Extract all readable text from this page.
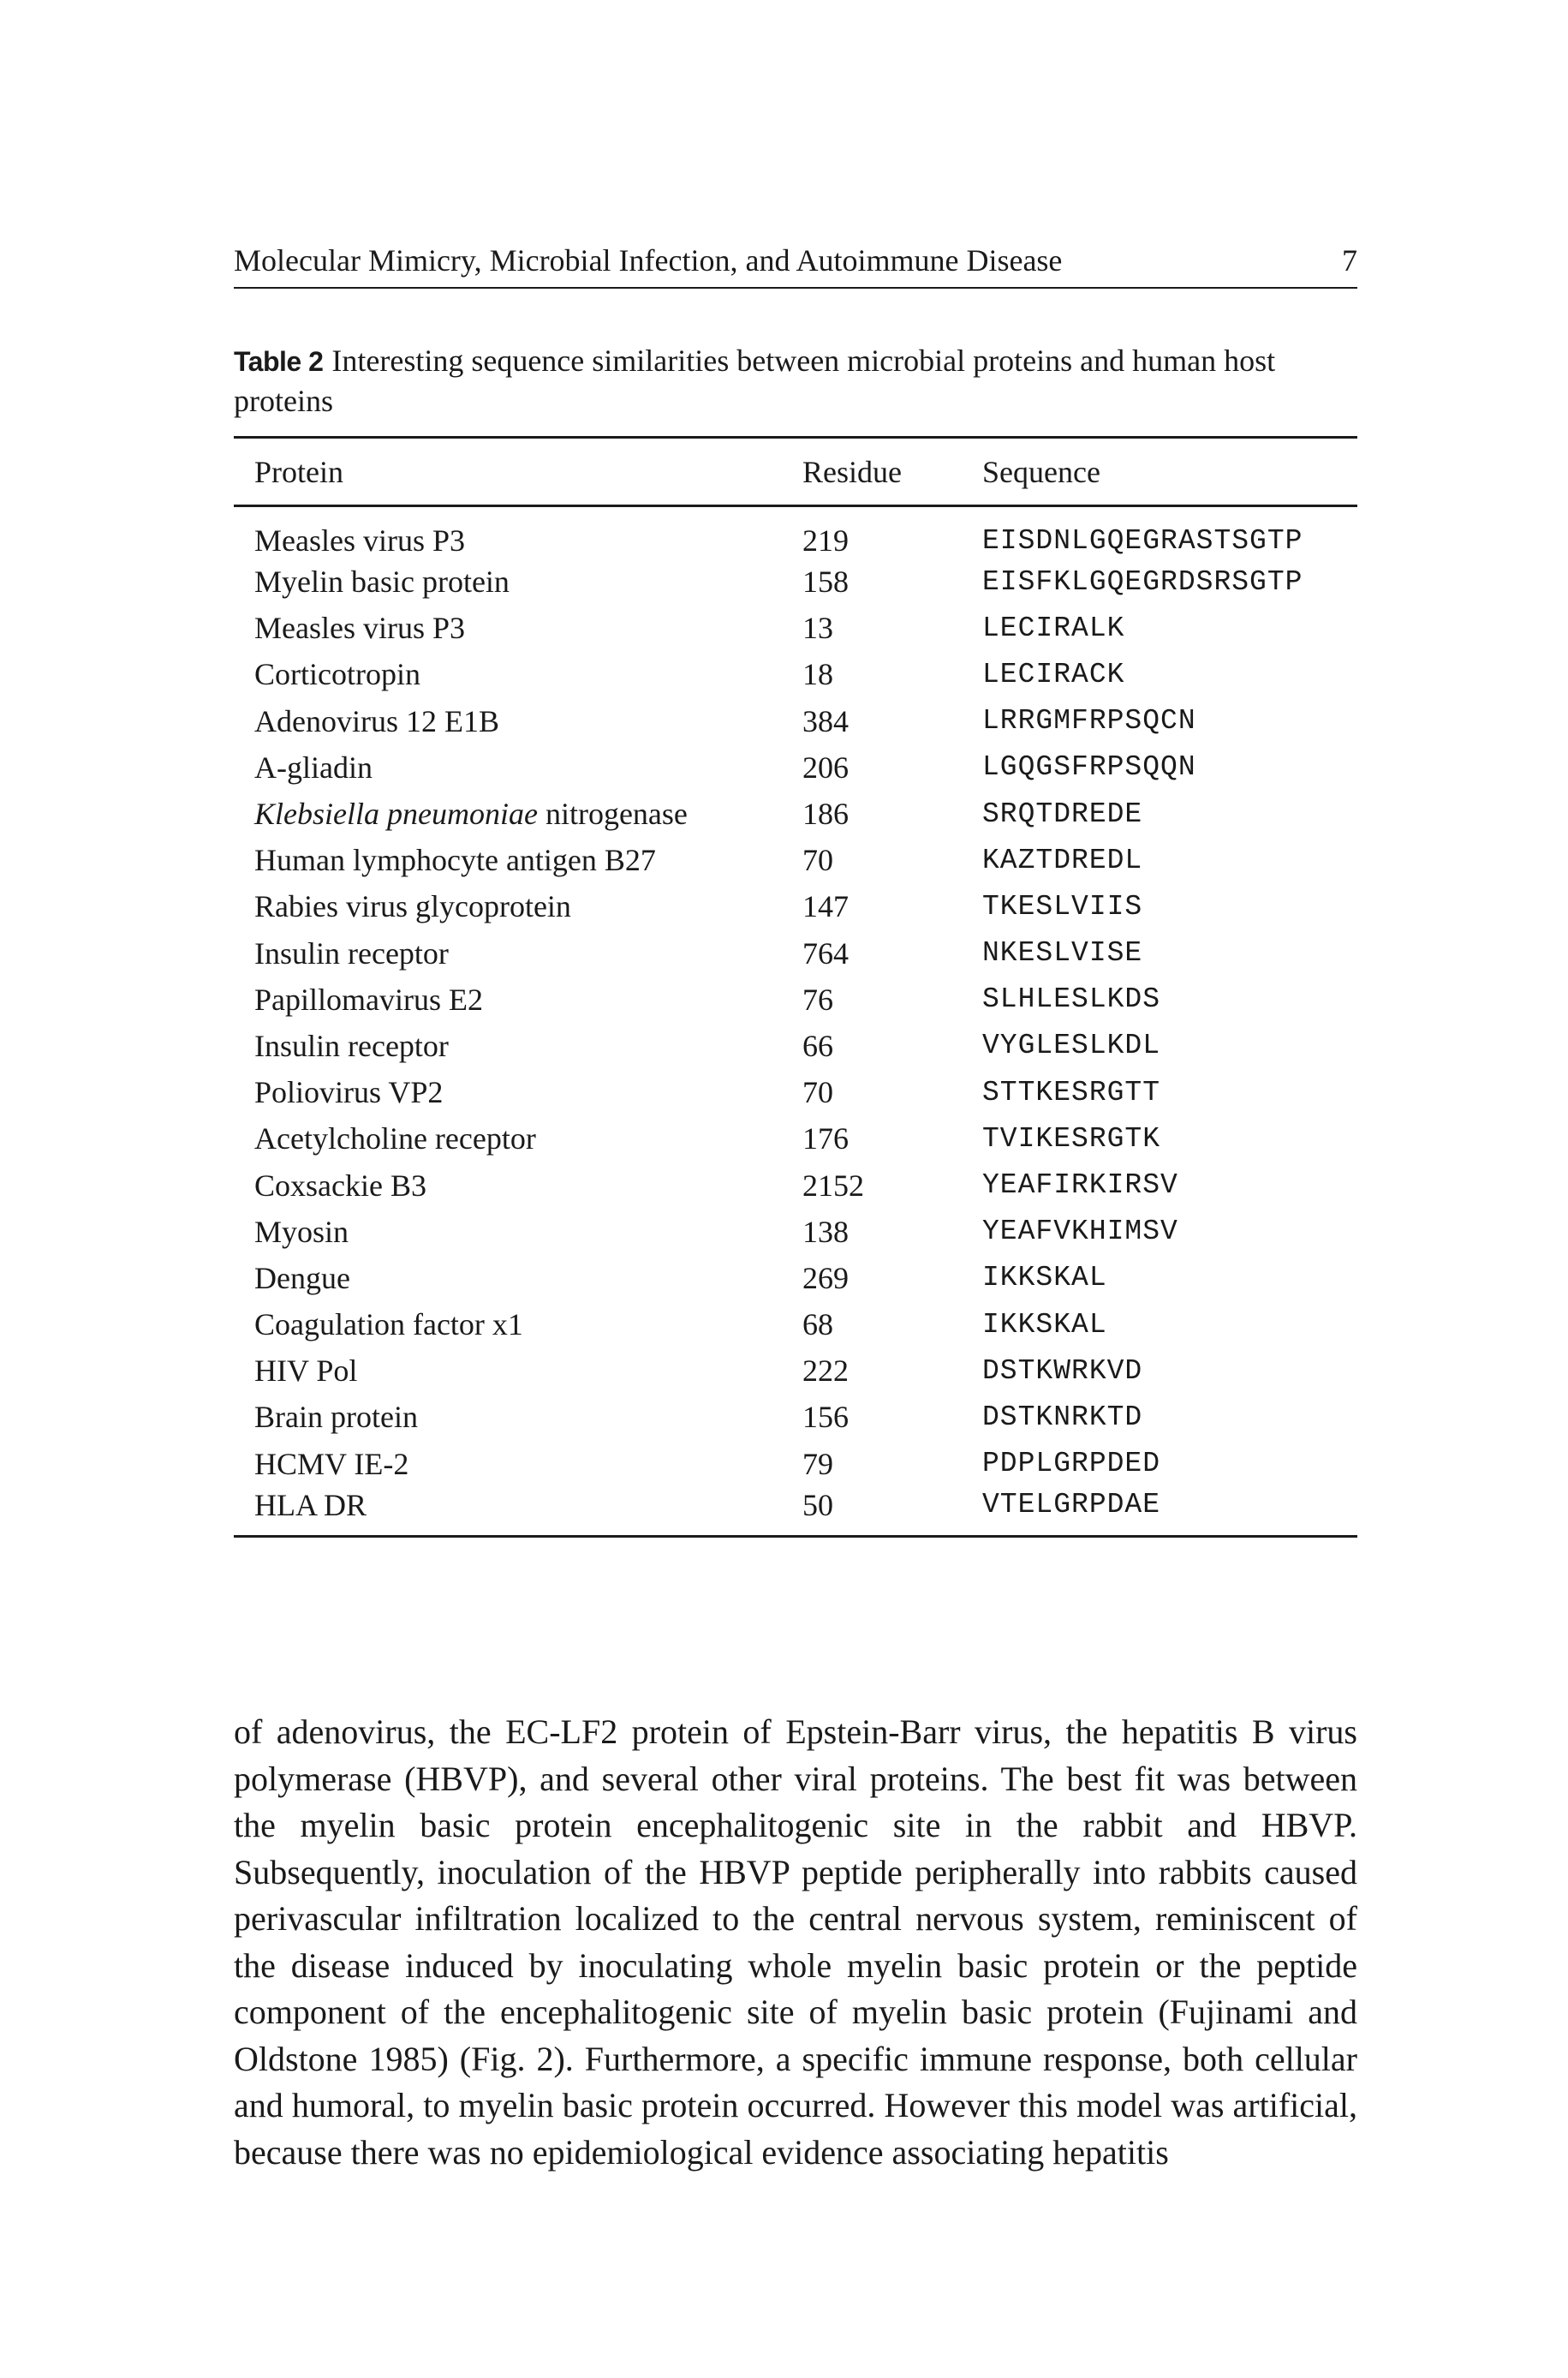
Molecular Mimicry, Microbial Infection, and Autoimmune Disease	7
Table 2 Interesting sequence similarities between microbial proteins and human host proteins
Protein	Residue	Sequence
Measles virus P3	219	EISDNLGQEGRASTSGTP
Myelin basic protein	158	EISFKLGQEGRDSRSGTP
Measles virus P3	13	LECIRALK
Corticotropin	18	LECIRACK
Adenovirus 12 E1B	384	LRRGMFRPSQCN
A-gliadin	206	LGQGSFRPSQQN
Klebsiella pneumoniae nitrogenase	186	SRQTDREDE
Human lymphocyte antigen B27	70	KAZTDREDL
Rabies virus glycoprotein	147	TKESLVIIS
Insulin receptor	764	NKESLVISE
Papillomavirus E2	76	SLHLESLKDS
Insulin receptor	66	VYGLESLKDL
Poliovirus VP2	70	STTKESRGTT
Acetylcholine receptor	176	TVIKESRGTK
Coxsackie B3	2152	YEAFIRKIRSV
Myosin	138	YEAFVKHIMSV
Dengue	269	IKKSKAL
Coagulation factor x1	68	IKKSKAL
HIV Pol	222	DSTKWRKVD
Brain protein	156	DSTKNRKTD
HCMV IE-2	79	PDPLGRPDED
HLA DR	50	VTELGRPDAE

of adenovirus, the EC-LF2 protein of Epstein-Barr virus, the hepatitis B virus polymerase (HBVP), and several other viral proteins. The best fit was between the myelin basic protein encephalitogenic site in the rabbit and HBVP. Subsequently, inoculation of the HBVP peptide peripherally into rabbits caused perivascular infiltration localized to the central nervous system, reminiscent of the disease induced by inoculating whole myelin basic protein or the peptide component of the encephalitogenic site of myelin basic protein (Fujinami and Oldstone 1985) (Fig. 2). Furthermore, a specific immune response, both cellular and humoral, to myelin basic protein occurred. However this model was artificial, because there was no epidemiological evidence associating hepatitis
